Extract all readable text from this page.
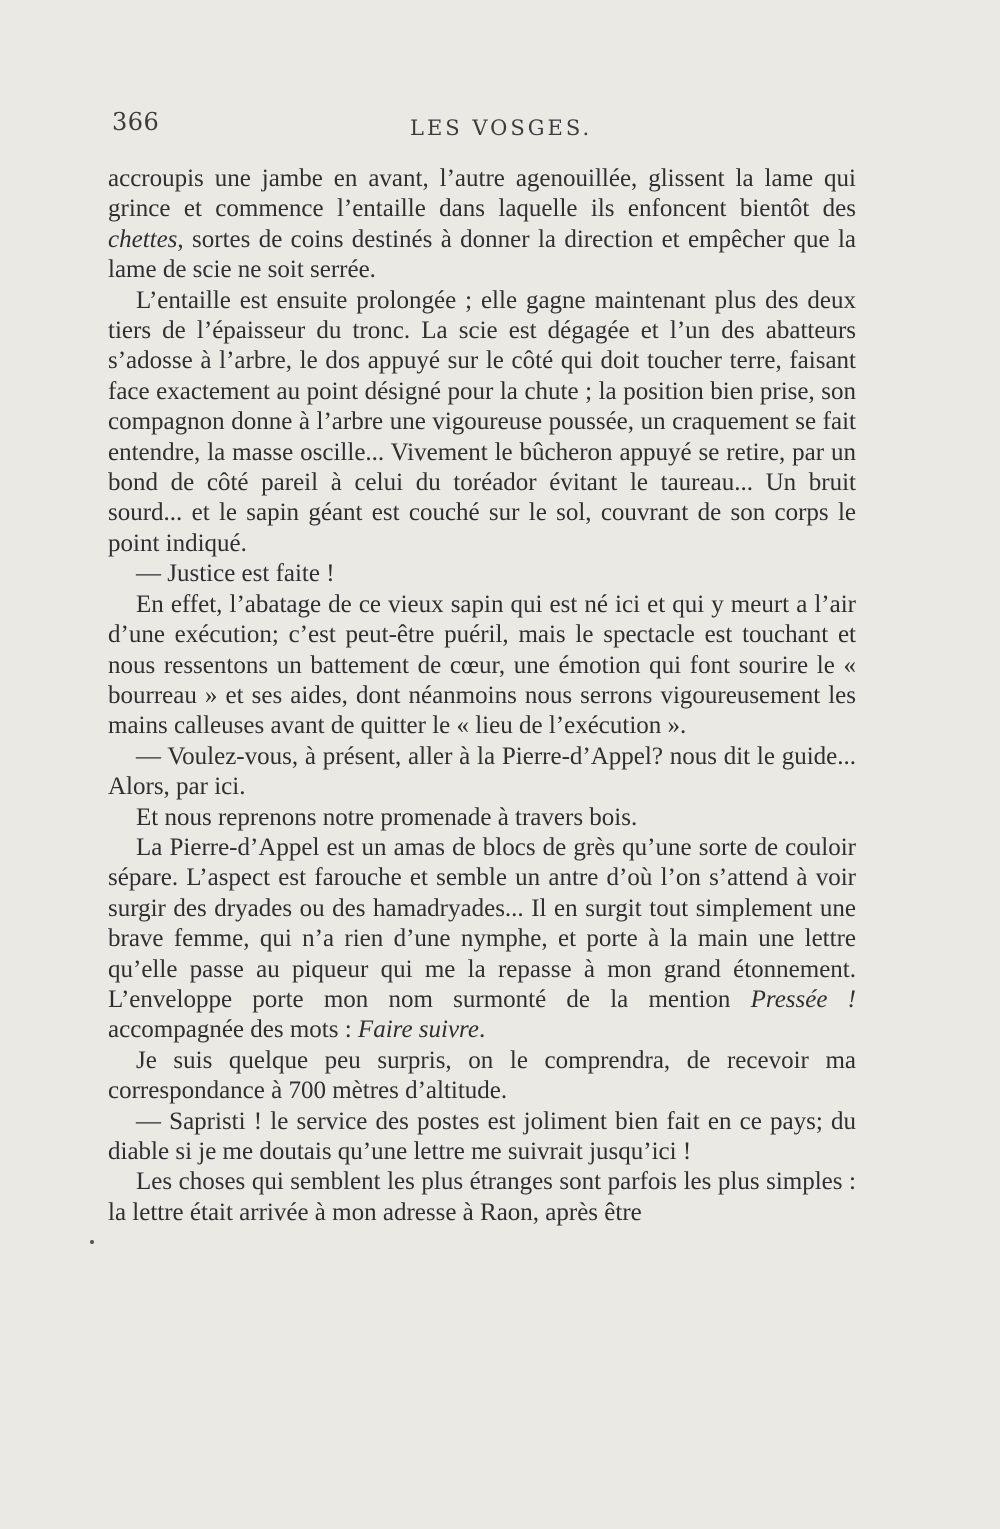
366	LES VOSGES.

accroupis une jambe en avant, l’autre agenouillée, glissent la lame qui grince et commence l’entaille dans laquelle ils enfoncent bientôt des chettes, sortes de coins destinés à donner la direction et empêcher que la lame de scie ne soit serrée.

L’entaille est ensuite prolongée ; elle gagne maintenant plus des deux tiers de l’épaisseur du tronc. La scie est dégagée et l’un des abatteurs s’adosse à l’arbre, le dos appuyé sur le côté qui doit toucher terre, faisant face exactement au point désigné pour la chute ; la position bien prise, son compagnon donne à l’arbre une vigoureuse poussée, un craquement se fait entendre, la masse oscille... Vivement le bûcheron appuyé se retire, par un bond de côté pareil à celui du toréador évitant le taureau... Un bruit sourd... et le sapin géant est couché sur le sol, couvrant de son corps le point indiqué.

— Justice est faite !

En effet, l’abatage de ce vieux sapin qui est né ici et qui y meurt a l’air d’une exécution; c’est peut-être puéril, mais le spectacle est touchant et nous ressentons un battement de cœur, une émotion qui font sourire le « bourreau » et ses aides, dont néanmoins nous serrons vigoureusement les mains calleuses avant de quitter le « lieu de l’exécution ».

— Voulez-vous, à présent, aller à la Pierre-d’Appel? nous dit le guide... Alors, par ici.

Et nous reprenons notre promenade à travers bois.

La Pierre-d’Appel est un amas de blocs de grès qu’une sorte de couloir sépare. L’aspect est farouche et semble un antre d’où l’on s’attend à voir surgir des dryades ou des hamadryades... Il en surgit tout simplement une brave femme, qui n’a rien d’une nymphe, et porte à la main une lettre qu’elle passe au piqueur qui me la repasse à mon grand étonnement. L’enveloppe porte mon nom surmonté de la mention Pressée ! accompagnée des mots : Faire suivre.

Je suis quelque peu surpris, on le comprendra, de recevoir ma correspondance à 700 mètres d’altitude.

— Sapristi ! le service des postes est joliment bien fait en ce pays; du diable si je me doutais qu’une lettre me suivrait jusqu’ici !

Les choses qui semblent les plus étranges sont parfois les plus simples : la lettre était arrivée à mon adresse à Raon, après être
